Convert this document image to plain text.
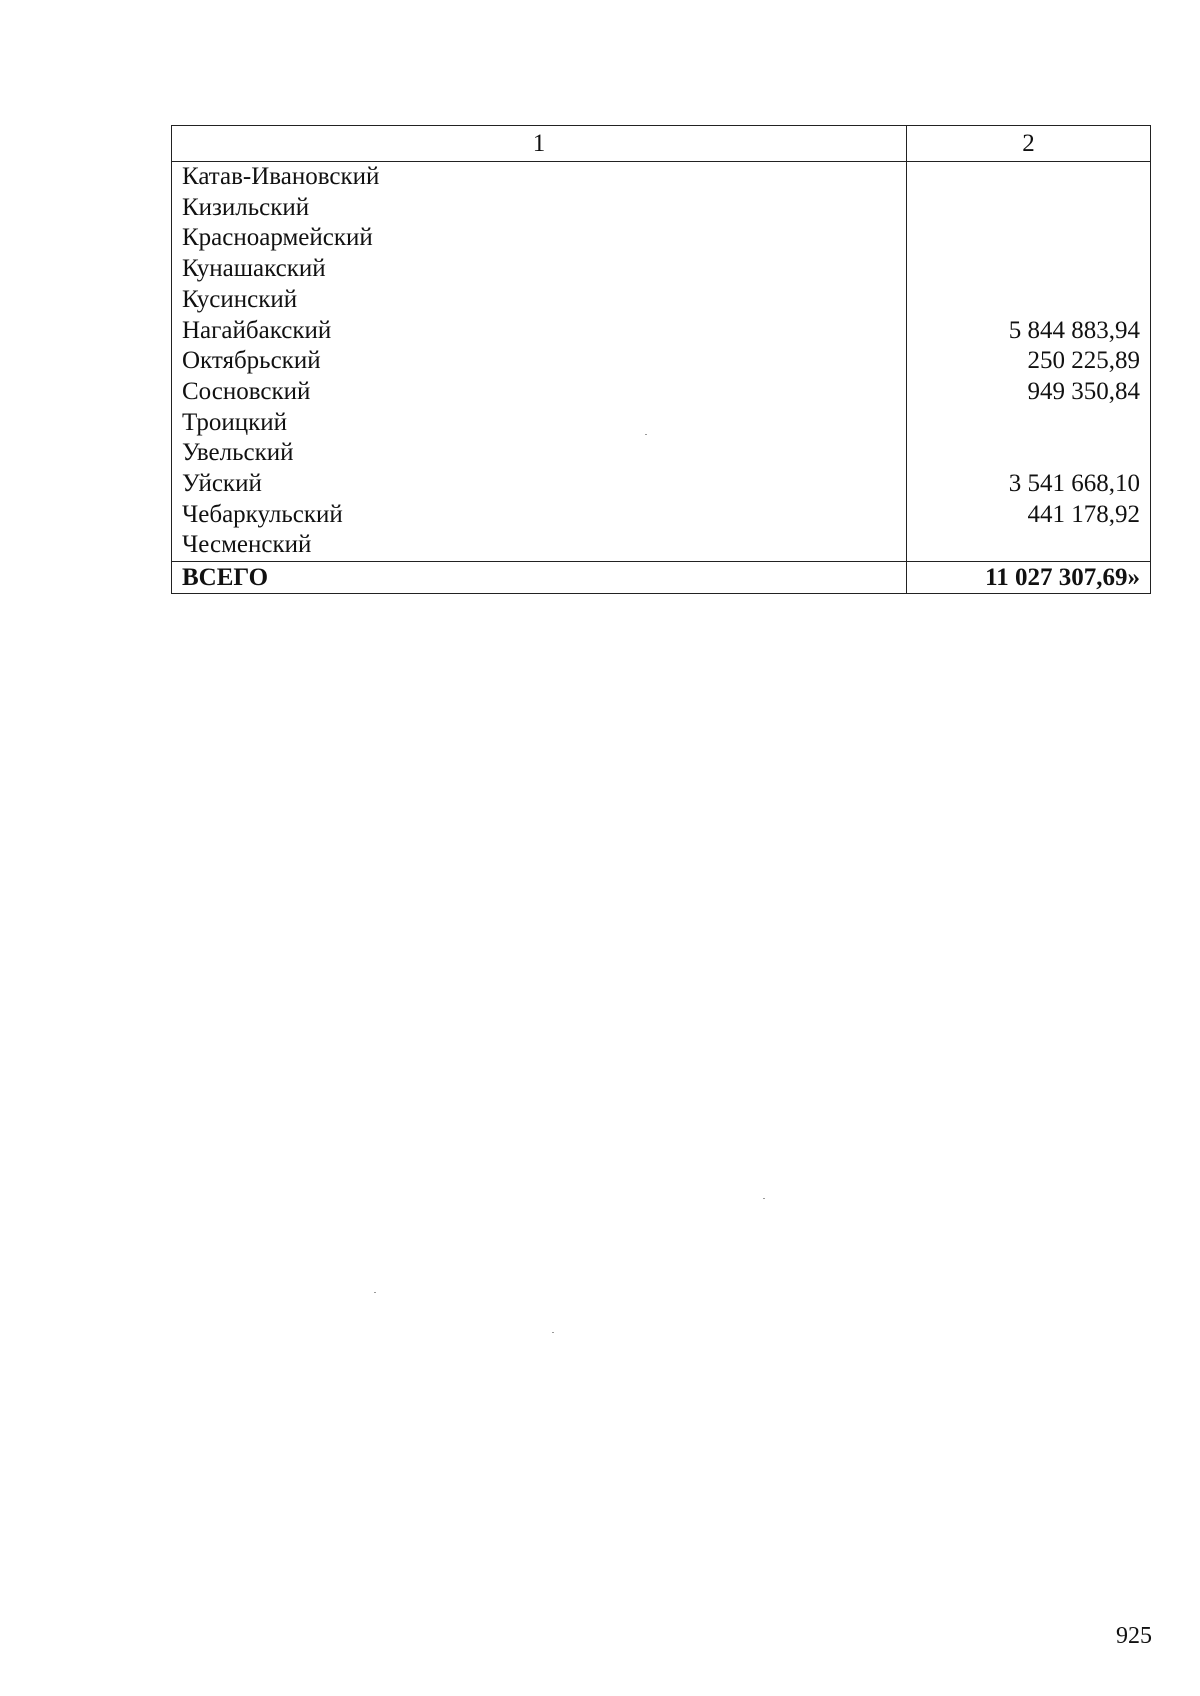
1	2
Катав-Ивановский	
Кизильский	
Красноармейский	
Кунашакский	
Кусинский	
Нагайбакский	5 844 883,94
Октябрьский	250 225,89
Сосновский	949 350,84
Троицкий	
Увельский	
Уйский	3 541 668,10
Чебаркульский	441 178,92
Чесменский	
ВСЕГО	11 027 307,69»
925
